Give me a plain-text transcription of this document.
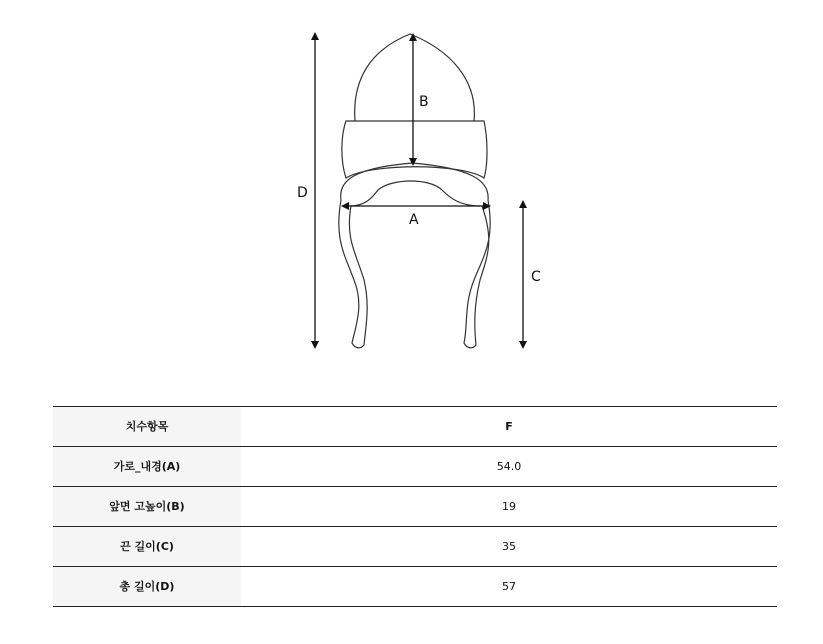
D
B
A
C
치수항목	F
가로_내경(A)	54.0
앞면 고높이(B)	19
끈 길이(C)	35
총 길이(D)	57
